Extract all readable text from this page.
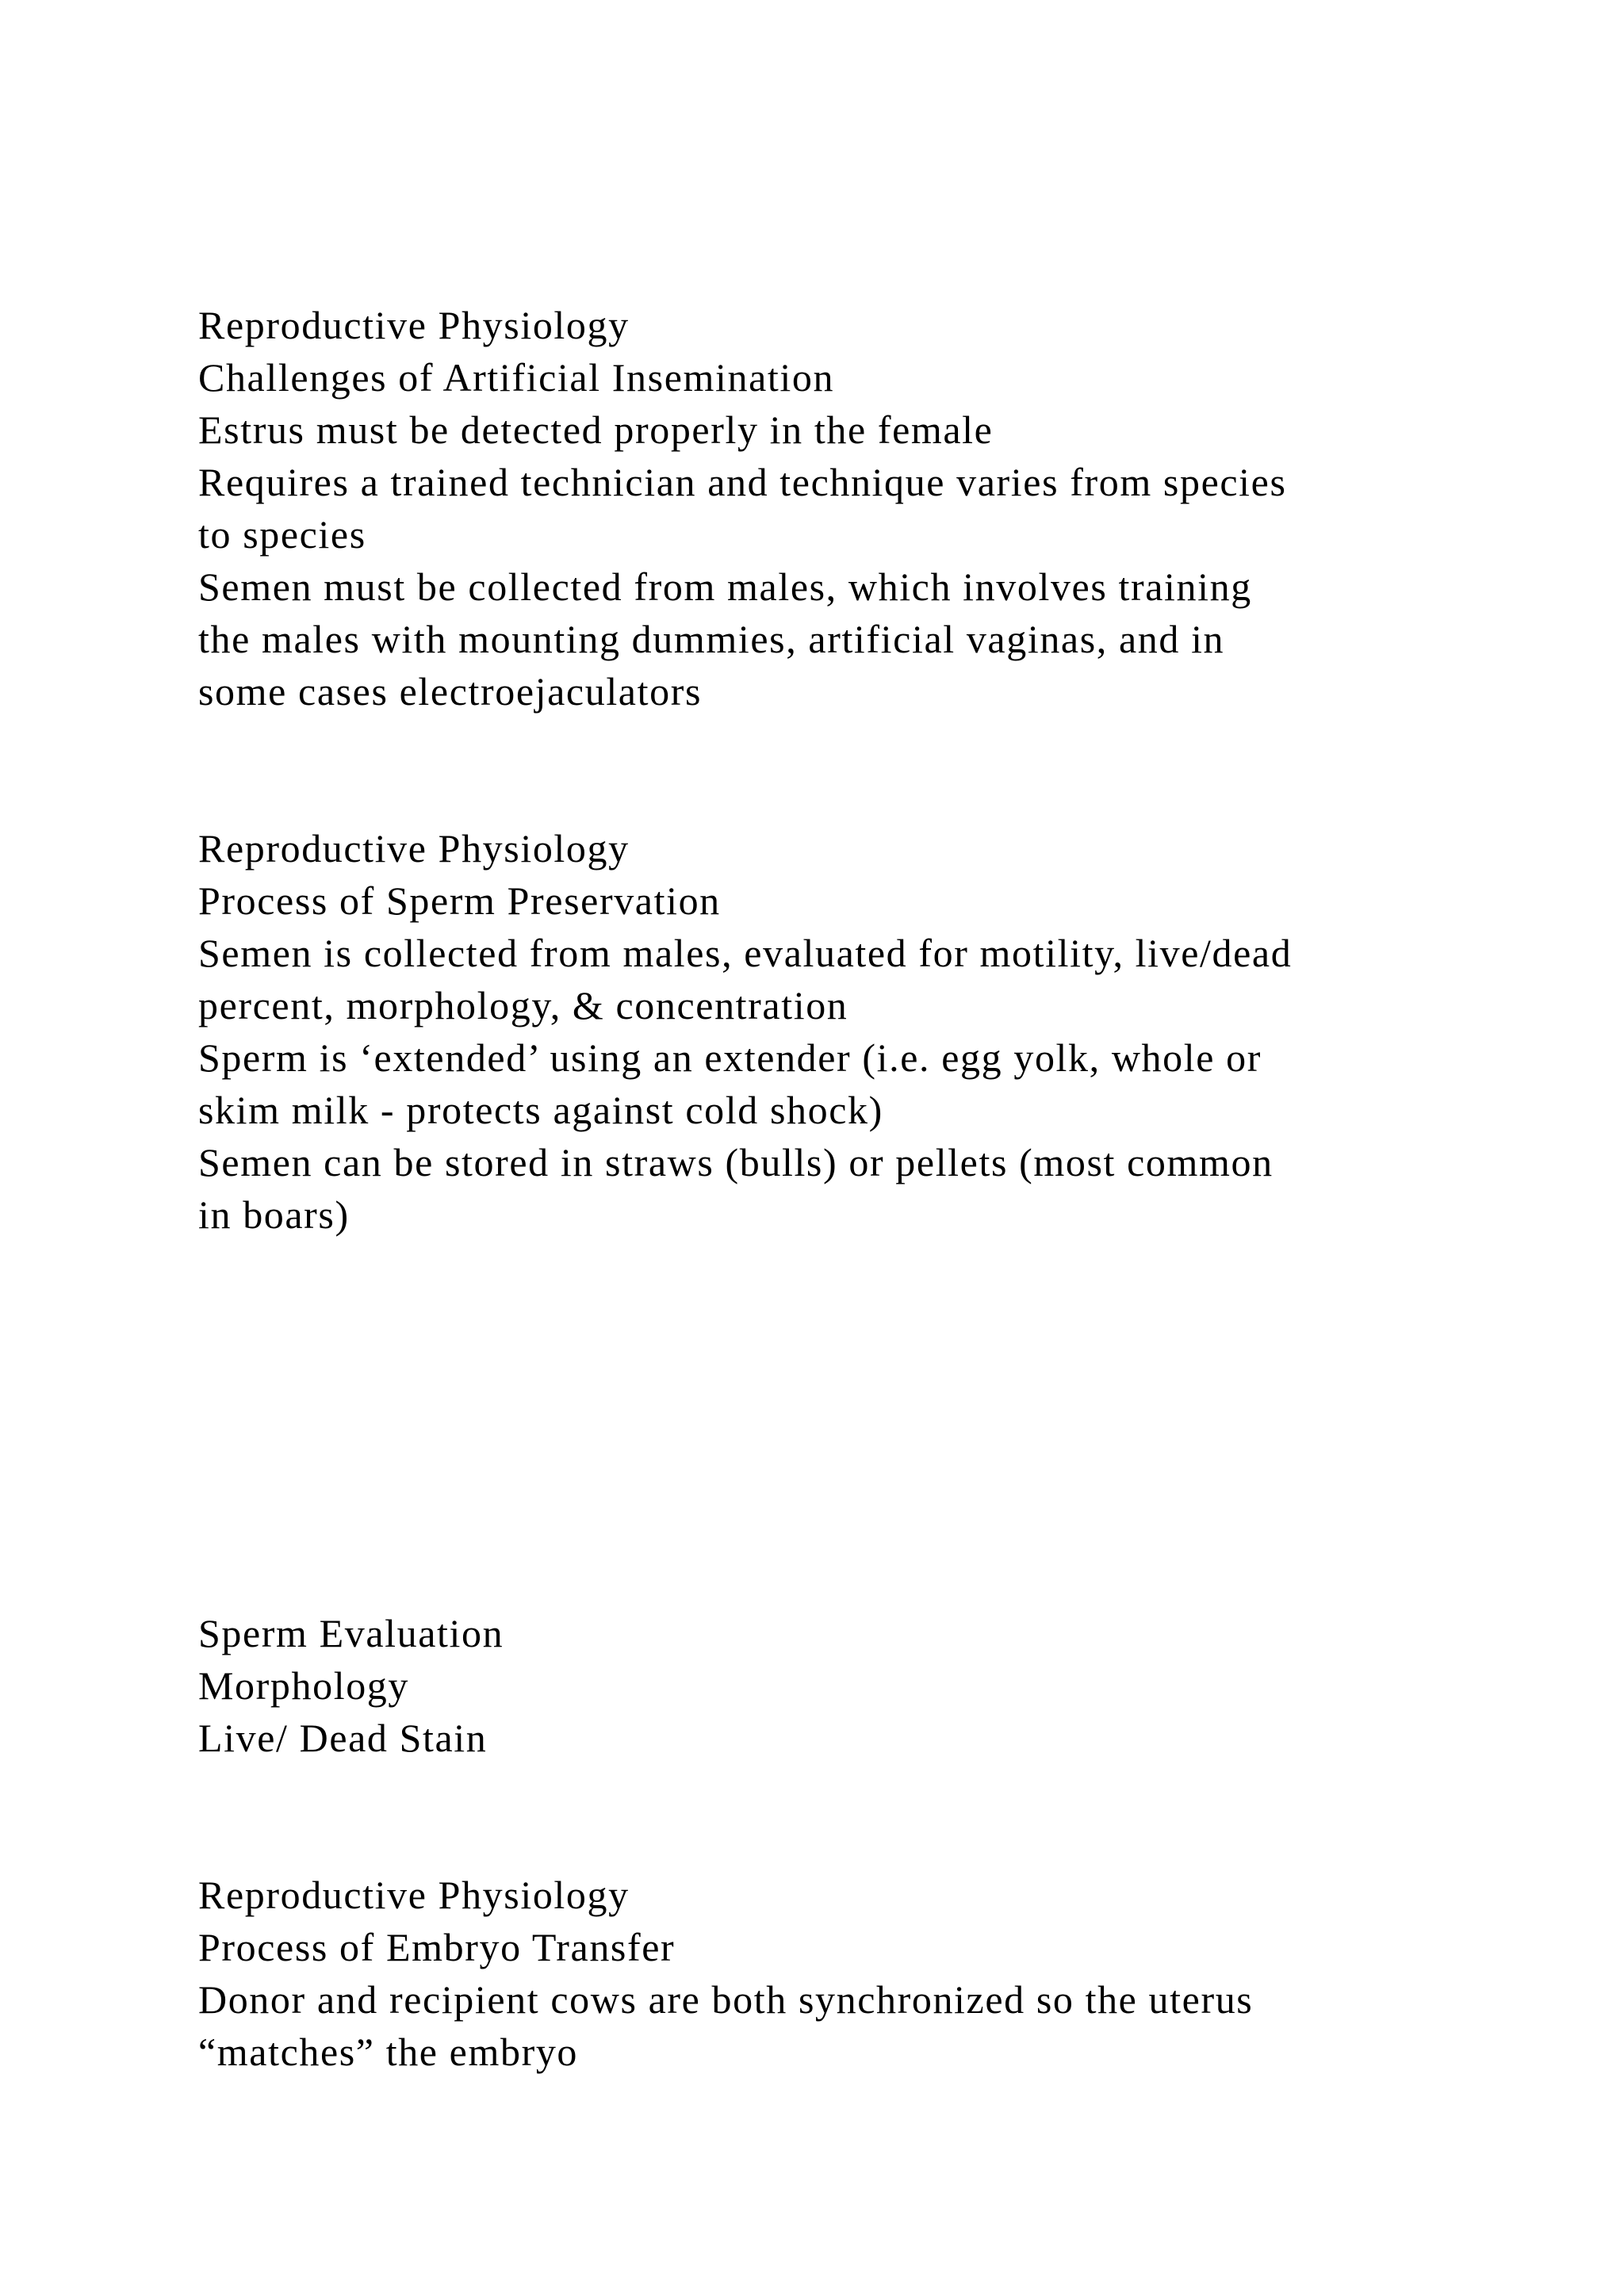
Reproductive Physiology
Challenges of Artificial Insemination
Estrus must be detected properly in the female
Requires a trained technician and technique varies from species
to species
Semen must be collected from males, which involves training
the males with mounting dummies, artificial vaginas, and in
some cases electroejaculators
Reproductive Physiology
Process of Sperm Preservation
Semen is collected from males, evaluated for motility, live/dead
percent, morphology, & concentration
Sperm is ‘extended’ using an extender (i.e. egg yolk, whole or
skim milk - protects against cold shock)
Semen can be stored in straws (bulls) or pellets (most common
in boars)
Sperm Evaluation
Morphology
Live/ Dead Stain
Reproductive Physiology
Process of Embryo Transfer
Donor and recipient cows are both synchronized so the uterus
“matches” the embryo
